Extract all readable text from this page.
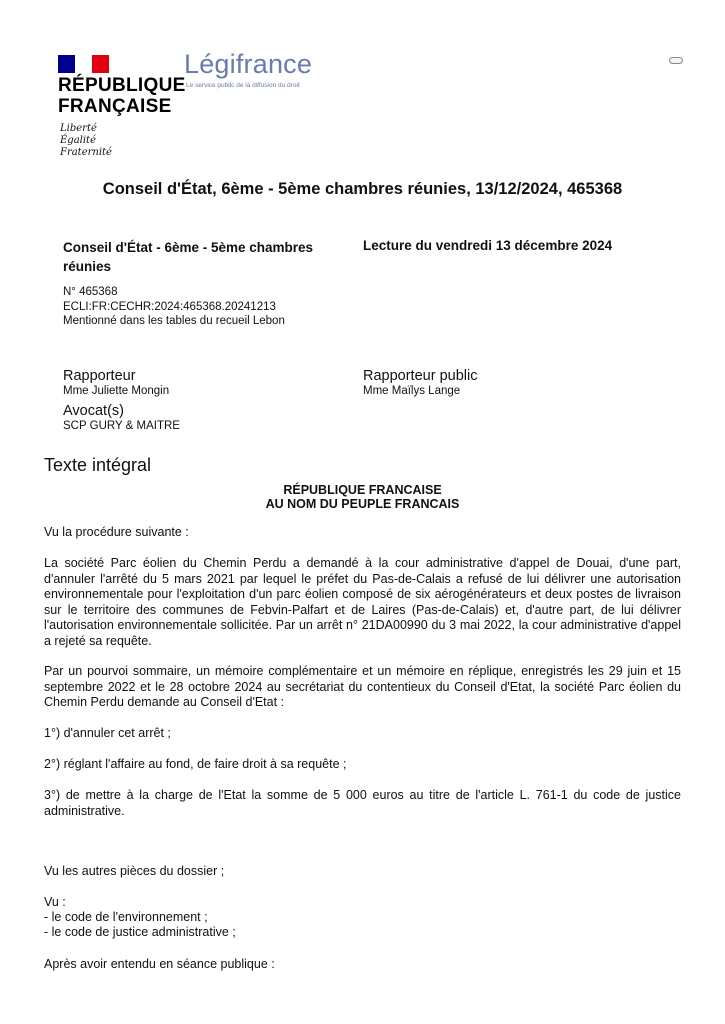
RÉPUBLIQUE
FRANÇAISE
Liberté
Égalité
Fraternité
Légifrance
Le service public de la diffusion du droit
Conseil d'État, 6ème - 5ème chambres réunies, 13/12/2024, 465368
Conseil d'État - 6ème - 5ème chambres réunies
Lecture du vendredi 13 décembre 2024
N° 465368
ECLI:FR:CECHR:2024:465368.20241213
Mentionné dans les tables du recueil Lebon
Rapporteur
Mme Juliette Mongin
Rapporteur public
Mme Maïlys Lange
Avocat(s)
SCP GURY & MAITRE
Texte intégral
RÉPUBLIQUE FRANCAISE
AU NOM DU PEUPLE FRANCAIS
Vu la procédure suivante :
La société Parc éolien du Chemin Perdu a demandé à la cour administrative d'appel de Douai, d'une part, d'annuler l'arrêté du 5 mars 2021 par lequel le préfet du Pas-de-Calais a refusé de lui délivrer une autorisation environnementale pour l'exploitation d'un parc éolien composé de six aérogénérateurs et deux postes de livraison sur le territoire des communes de Febvin-Palfart et de Laires (Pas-de-Calais) et, d'autre part, de lui délivrer l'autorisation environnementale sollicitée. Par un arrêt n° 21DA00990 du 3 mai 2022, la cour administrative d'appel a rejeté sa requête.
Par un pourvoi sommaire, un mémoire complémentaire et un mémoire en réplique, enregistrés les 29 juin et 15 septembre 2022 et le 28 octobre 2024 au secrétariat du contentieux du Conseil d'Etat, la société Parc éolien du Chemin Perdu demande au Conseil d'Etat :
1°) d'annuler cet arrêt ;
2°) réglant l'affaire au fond, de faire droit à sa requête ;
3°) de mettre à la charge de l'Etat la somme de 5 000 euros au titre de l'article L. 761-1 du code de justice administrative.
Vu les autres pièces du dossier ;
Vu :
- le code de l'environnement ;
- le code de justice administrative ;
Après avoir entendu en séance publique :
